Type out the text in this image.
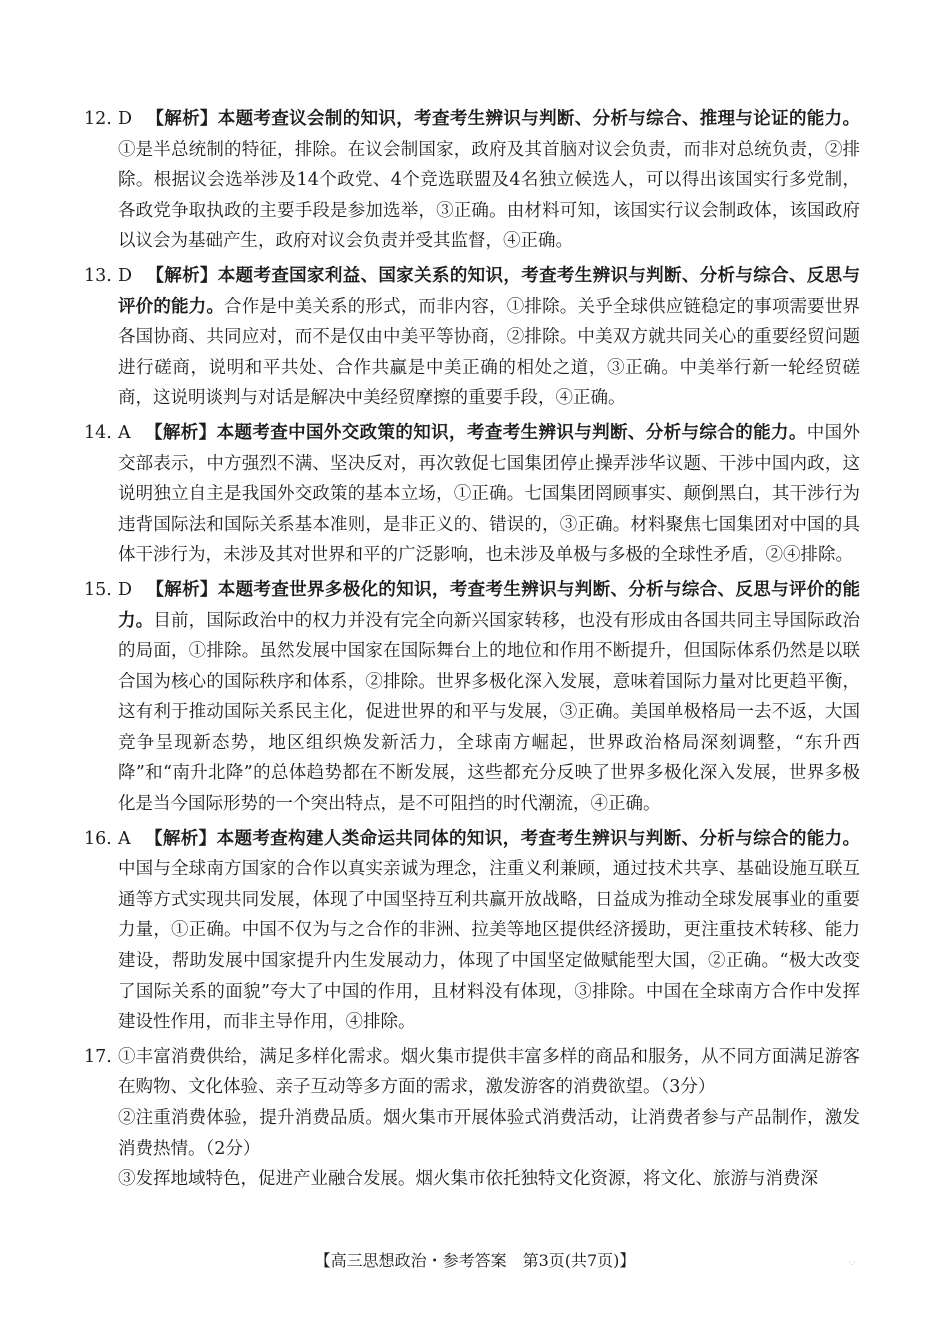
12. D 【解析】本题考查议会制的知识，考查考生辨识与判断、分析与综合、推理与论证的能力。①是半总统制的特征，排除。在议会制国家，政府及其首脑对议会负责，而非对总统负责，②排除。根据议会选举涉及14个政党、4个竞选联盟及4名独立候选人，可以得出该国实行多党制，各政党争取执政的主要手段是参加选举，③正确。由材料可知，该国实行议会制政体，该国政府以议会为基础产生，政府对议会负责并受其监督，④正确。

13. D 【解析】本题考查国家利益、国家关系的知识，考查考生辨识与判断、分析与综合、反思与评价的能力。合作是中美关系的形式，而非内容，①排除。关乎全球供应链稳定的事项需要世界各国协商、共同应对，而不是仅由中美平等协商，②排除。中美双方就共同关心的重要经贸问题进行磋商，说明和平共处、合作共赢是中美正确的相处之道，③正确。中美举行新一轮经贸磋商，这说明谈判与对话是解决中美经贸摩擦的重要手段，④正确。

14. A 【解析】本题考查中国外交政策的知识，考查考生辨识与判断、分析与综合的能力。中国外交部表示，中方强烈不满、坚决反对，再次敦促七国集团停止操弄涉华议题、干涉中国内政，这说明独立自主是我国外交政策的基本立场，①正确。七国集团罔顾事实、颠倒黑白，其干涉行为违背国际法和国际关系基本准则，是非正义的、错误的，③正确。材料聚焦七国集团对中国的具体干涉行为，未涉及其对世界和平的广泛影响，也未涉及单极与多极的全球性矛盾，②④排除。

15. D 【解析】本题考查世界多极化的知识，考查考生辨识与判断、分析与综合、反思与评价的能力。目前，国际政治中的权力并没有完全向新兴国家转移，也没有形成由各国共同主导国际政治的局面，①排除。虽然发展中国家在国际舞台上的地位和作用不断提升，但国际体系仍然是以联合国为核心的国际秩序和体系，②排除。世界多极化深入发展，意味着国际力量对比更趋平衡，这有利于推动国际关系民主化，促进世界的和平与发展，③正确。美国单极格局一去不返，大国竞争呈现新态势，地区组织焕发新活力，全球南方崛起，世界政治格局深刻调整，“东升西降”和“南升北降”的总体趋势都在不断发展，这些都充分反映了世界多极化深入发展，世界多极化是当今国际形势的一个突出特点，是不可阻挡的时代潮流，④正确。

16. A 【解析】本题考查构建人类命运共同体的知识，考查考生辨识与判断、分析与综合的能力。中国与全球南方国家的合作以真实亲诚为理念，注重义利兼顾，通过技术共享、基础设施互联互通等方式实现共同发展，体现了中国坚持互利共赢开放战略，日益成为推动全球发展事业的重要力量，①正确。中国不仅为与之合作的非洲、拉美等地区提供经济援助，更注重技术转移、能力建设，帮助发展中国家提升内生发展动力，体现了中国坚定做赋能型大国，②正确。“极大改变了国际关系的面貌”夸大了中国的作用，且材料没有体现，③排除。中国在全球南方合作中发挥建设性作用，而非主导作用，④排除。

17. ①丰富消费供给，满足多样化需求。烟火集市提供丰富多样的商品和服务，从不同方面满足游客在购物、文化体验、亲子互动等多方面的需求，激发游客的消费欲望。（3分）

②注重消费体验，提升消费品质。烟火集市开展体验式消费活动，让消费者参与产品制作，激发消费热情。（2分）

③发挥地域特色，促进产业融合发展。烟火集市依托独特文化资源，将文化、旅游与消费深

【高三思想政治・参考答案　第3页(共7页)】	·.·
